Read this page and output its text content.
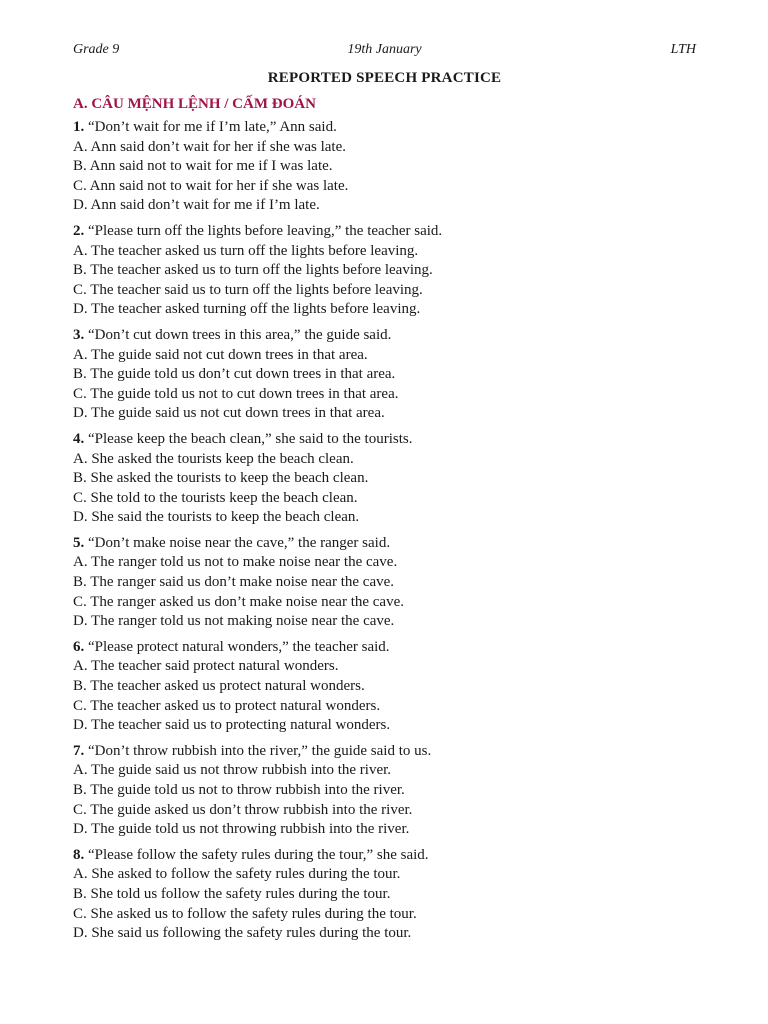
Grade 9	19th January	LTH
REPORTED SPEECH PRACTICE
A. CÂU MỆNH LỆNH / CẤM ĐOÁN
1. “Don’t wait for me if I’m late,” Ann said.
A. Ann said don’t wait for her if she was late.
B. Ann said not to wait for me if I was late.
C. Ann said not to wait for her if she was late.
D. Ann said don’t wait for me if I’m late.
2. “Please turn off the lights before leaving,” the teacher said.
A. The teacher asked us turn off the lights before leaving.
B. The teacher asked us to turn off the lights before leaving.
C. The teacher said us to turn off the lights before leaving.
D. The teacher asked turning off the lights before leaving.
3. “Don’t cut down trees in this area,” the guide said.
A. The guide said not cut down trees in that area.
B. The guide told us don’t cut down trees in that area.
C. The guide told us not to cut down trees in that area.
D. The guide said us not cut down trees in that area.
4. “Please keep the beach clean,” she said to the tourists.
A. She asked the tourists keep the beach clean.
B. She asked the tourists to keep the beach clean.
C. She told to the tourists keep the beach clean.
D. She said the tourists to keep the beach clean.
5. “Don’t make noise near the cave,” the ranger said.
A. The ranger told us not to make noise near the cave.
B. The ranger said us don’t make noise near the cave.
C. The ranger asked us don’t make noise near the cave.
D. The ranger told us not making noise near the cave.
6. “Please protect natural wonders,” the teacher said.
A. The teacher said protect natural wonders.
B. The teacher asked us protect natural wonders.
C. The teacher asked us to protect natural wonders.
D. The teacher said us to protecting natural wonders.
7. “Don’t throw rubbish into the river,” the guide said to us.
A. The guide said us not throw rubbish into the river.
B. The guide told us not to throw rubbish into the river.
C. The guide asked us don’t throw rubbish into the river.
D. The guide told us not throwing rubbish into the river.
8. “Please follow the safety rules during the tour,” she said.
A. She asked to follow the safety rules during the tour.
B. She told us follow the safety rules during the tour.
C. She asked us to follow the safety rules during the tour.
D. She said us following the safety rules during the tour.
